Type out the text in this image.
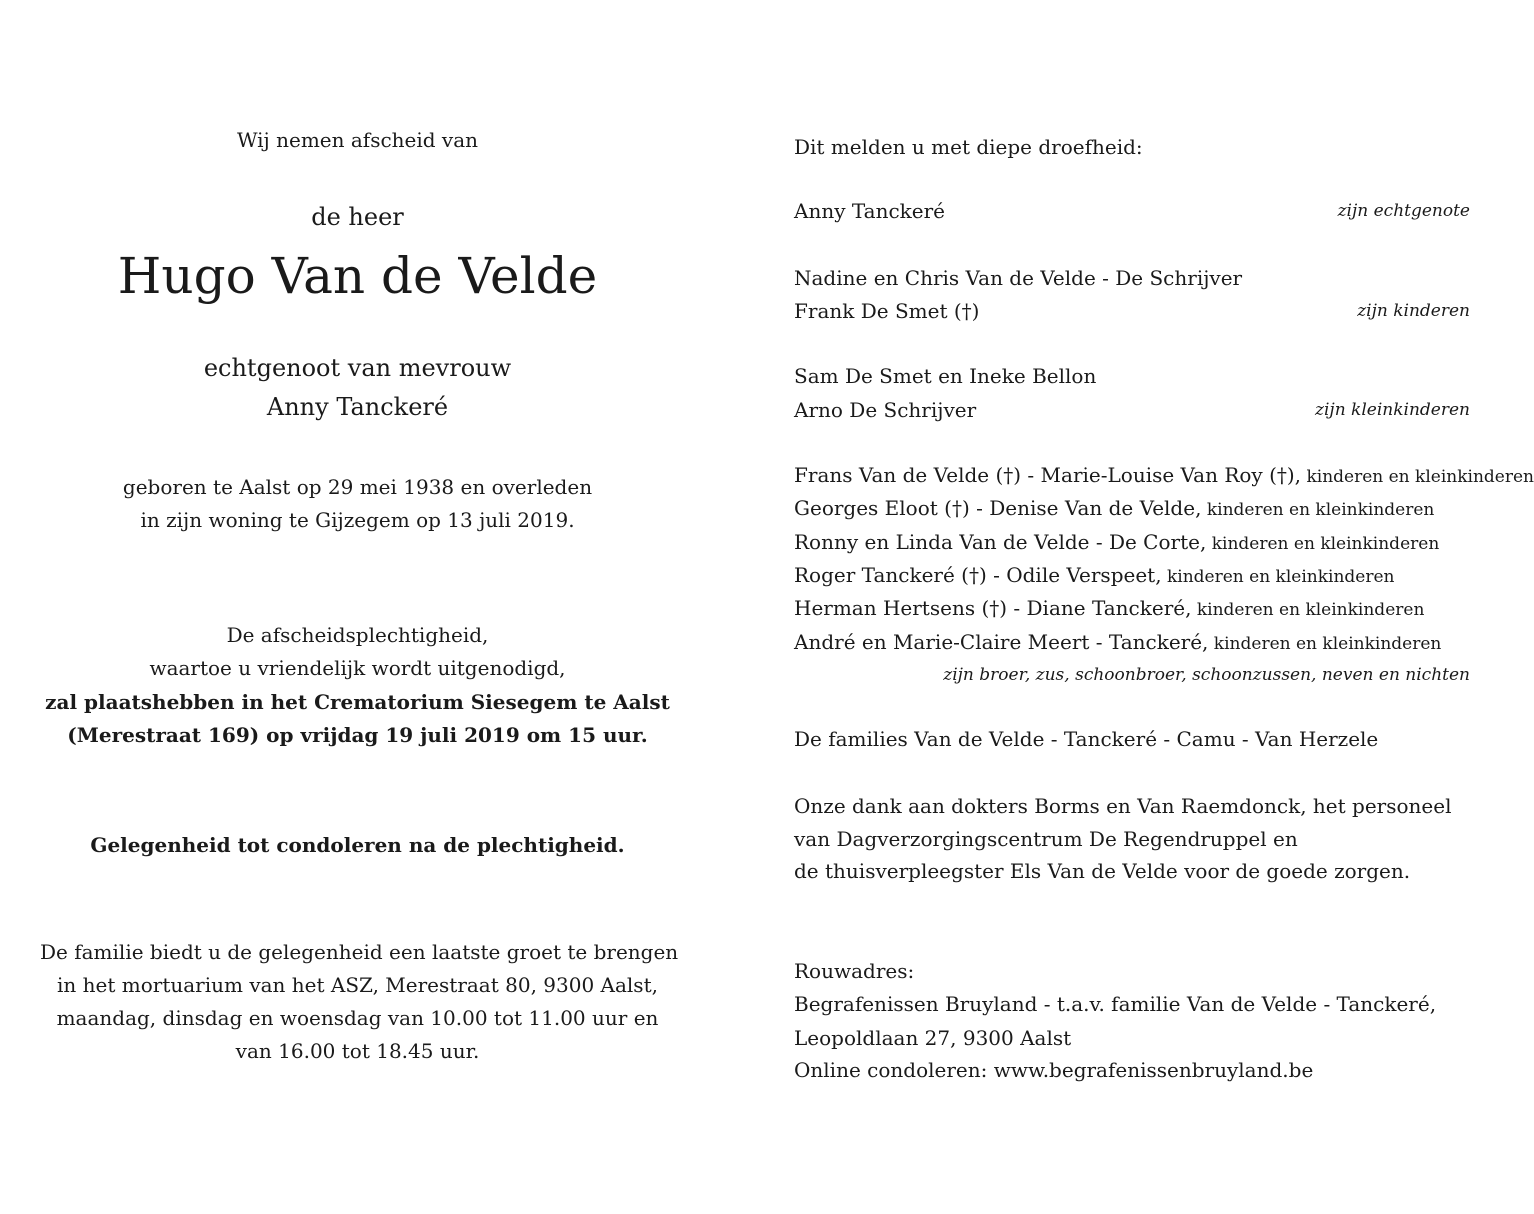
Wij nemen afscheid van
de heer
Hugo Van de Velde
echtgenoot van mevrouw
Anny Tanckeré
geboren te Aalst op 29 mei 1938 en overleden
in zijn woning te Gijzegem op 13 juli 2019.
De afscheidsplechtigheid,
waartoe u vriendelijk wordt uitgenodigd,
zal plaatshebben in het Crematorium Siesegem te Aalst
(Merestraat 169) op vrijdag 19 juli 2019 om 15 uur.
Gelegenheid tot condoleren na de plechtigheid.
De familie biedt u de gelegenheid een laatste groet te brengen
in het mortuarium van het ASZ, Merestraat 80, 9300 Aalst,
maandag, dinsdag en woensdag van 10.00 tot 11.00 uur en
van 16.00 tot 18.45 uur.
Dit melden u met diepe droefheid:
Anny Tanckeré	zijn echtgenote
Nadine en Chris Van de Velde - De Schrijver
Frank De Smet (†)	zijn kinderen
Sam De Smet en Ineke Bellon
Arno De Schrijver	zijn kleinkinderen
Frans Van de Velde (†) - Marie-Louise Van Roy (†), kinderen en kleinkinderen
Georges Eloot (†) - Denise Van de Velde, kinderen en kleinkinderen
Ronny en Linda Van de Velde - De Corte, kinderen en kleinkinderen
Roger Tanckeré (†) - Odile Verspeet, kinderen en kleinkinderen
Herman Hertsens (†) - Diane Tanckeré, kinderen en kleinkinderen
André en Marie-Claire Meert - Tanckeré, kinderen en kleinkinderen
zijn broer, zus, schoonbroer, schoonzussen, neven en nichten
De families Van de Velde - Tanckeré - Camu - Van Herzele
Onze dank aan dokters Borms en Van Raemdonck, het personeel
van Dagverzorgingscentrum De Regendruppel en
de thuisverpleegster Els Van de Velde voor de goede zorgen.
Rouwadres:
Begrafenissen Bruyland - t.a.v. familie Van de Velde - Tanckeré,
Leopoldlaan 27, 9300 Aalst
Online condoleren: www.begrafenissenbruyland.be
